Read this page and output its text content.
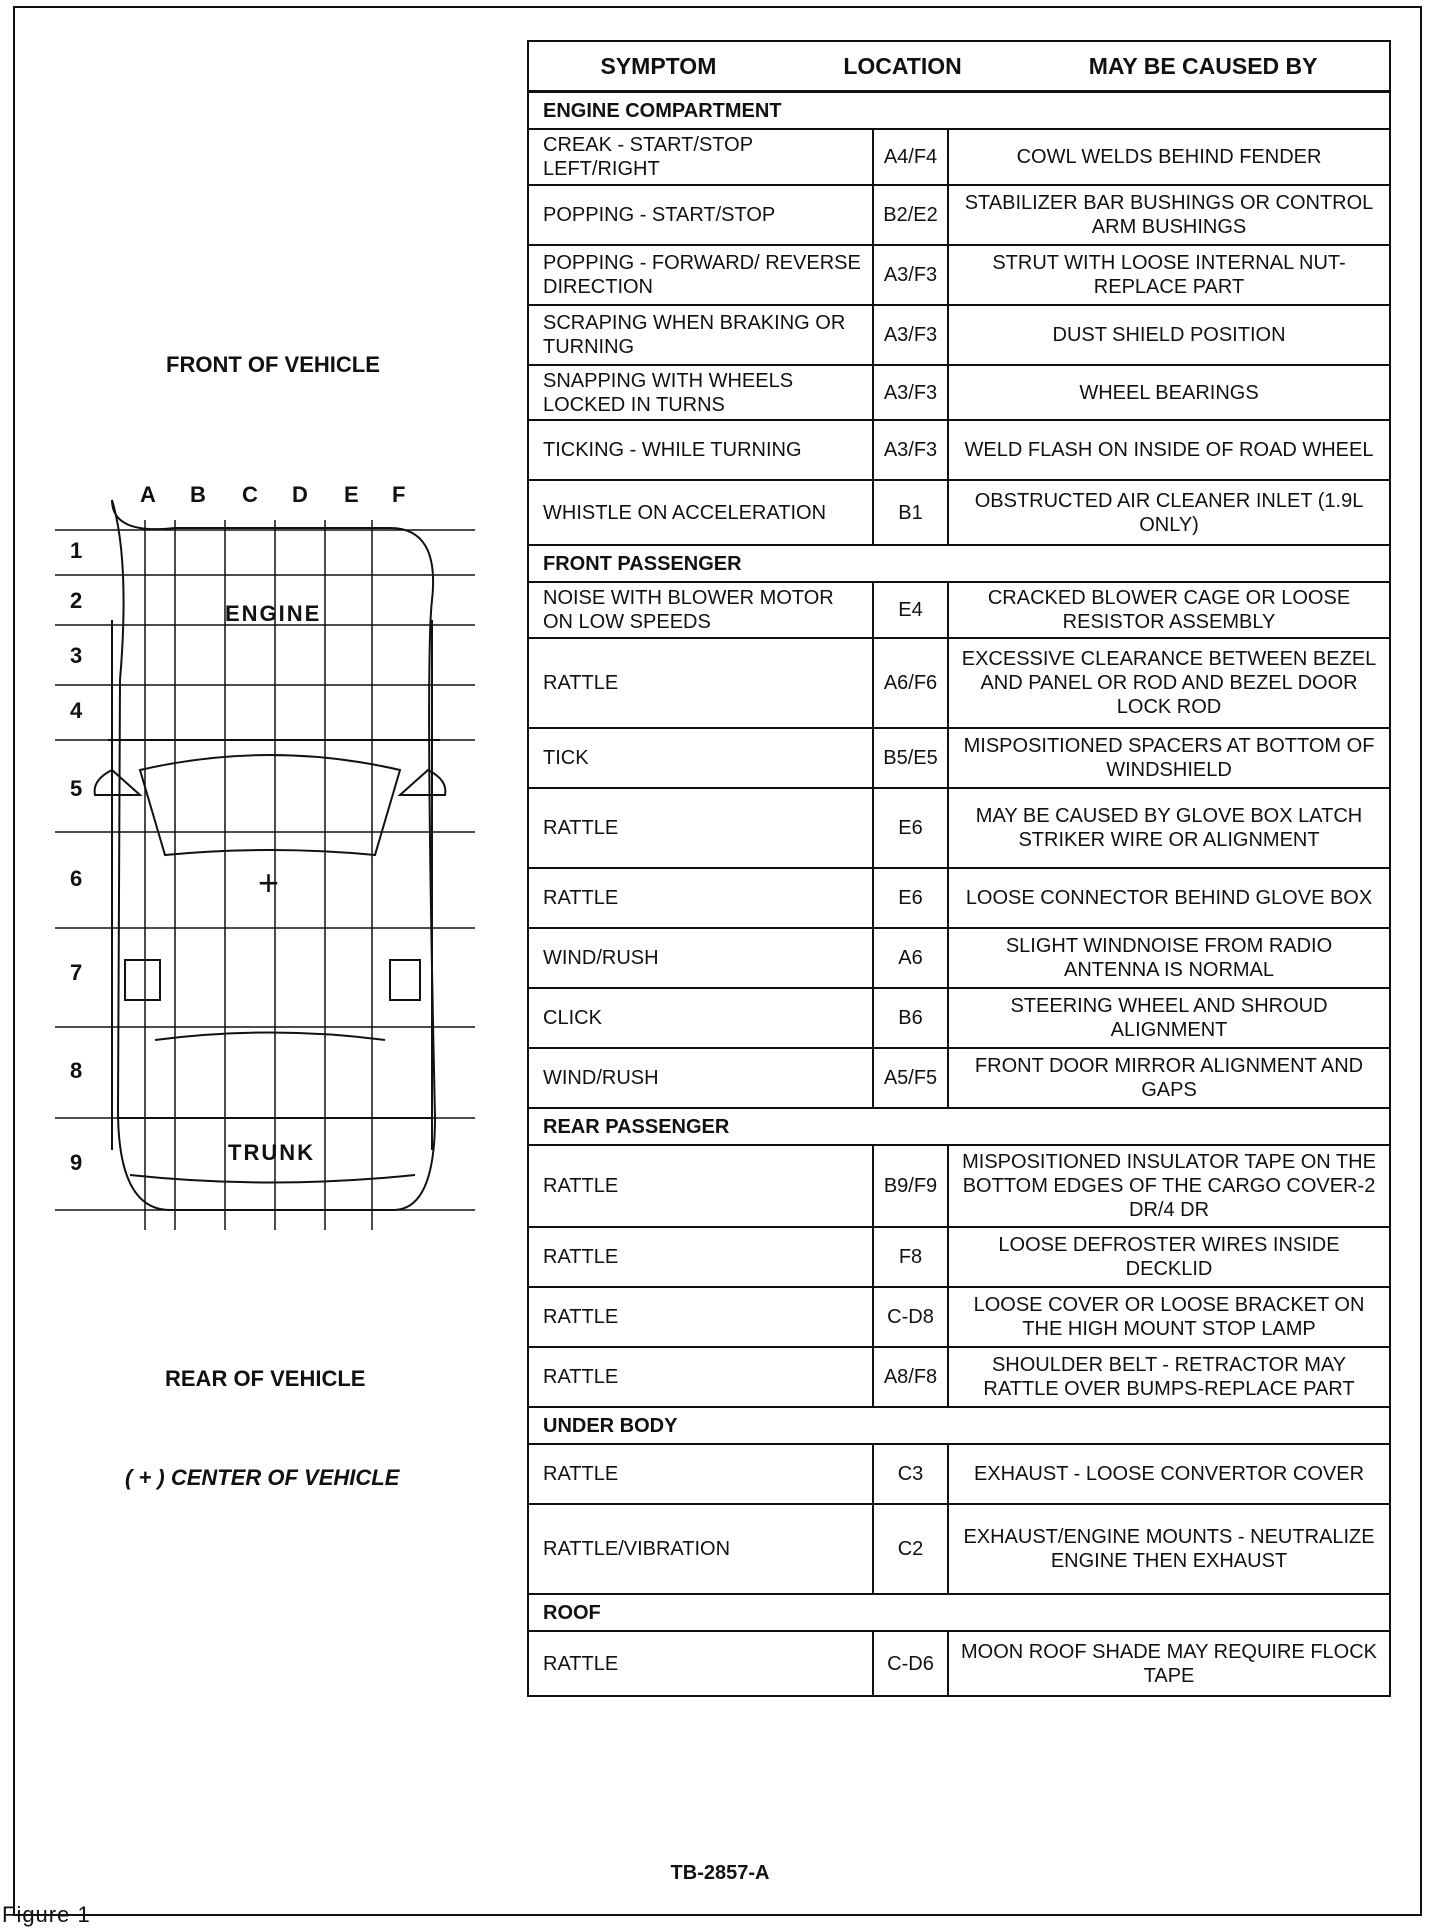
FRONT OF VEHICLE
A B C D E F
1
2
3
4
5
6
7
8
9
ENGINE
+
TRUNK
REAR OF VEHICLE
( + ) CENTER OF VEHICLE
SYMPTOM LOCATION MAY BE CAUSED BY		

ENGINE COMPARTMENT		
CREAK - START/STOP LEFT/RIGHT	A4/F4	COWL WELDS BEHIND FENDER
POPPING - START/STOP	B2/E2	STABILIZER BAR BUSHINGS OR CONTROL ARM BUSHINGS
POPPING - FORWARD/ REVERSE DIRECTION	A3/F3	STRUT WITH LOOSE INTERNAL NUT-REPLACE PART
SCRAPING WHEN BRAKING OR TURNING	A3/F3	DUST SHIELD POSITION
SNAPPING WITH WHEELS LOCKED IN TURNS	A3/F3	WHEEL BEARINGS
TICKING - WHILE TURNING	A3/F3	WELD FLASH ON INSIDE OF ROAD WHEEL
WHISTLE ON ACCELERATION	B1	OBSTRUCTED AIR CLEANER INLET (1.9L ONLY)
FRONT PASSENGER		
NOISE WITH BLOWER MOTOR ON LOW SPEEDS	E4	CRACKED BLOWER CAGE OR LOOSE RESISTOR ASSEMBLY
RATTLE	A6/F6	EXCESSIVE CLEARANCE BETWEEN BEZEL AND PANEL OR ROD AND BEZEL DOOR LOCK ROD
TICK	B5/E5	MISPOSITIONED SPACERS AT BOTTOM OF WINDSHIELD
RATTLE	E6	MAY BE CAUSED BY GLOVE BOX LATCH STRIKER WIRE OR ALIGNMENT
RATTLE	E6	LOOSE CONNECTOR BEHIND GLOVE BOX
WIND/RUSH	A6	SLIGHT WINDNOISE FROM RADIO ANTENNA IS NORMAL
CLICK	B6	STEERING WHEEL AND SHROUD ALIGNMENT
WIND/RUSH	A5/F5	FRONT DOOR MIRROR ALIGNMENT AND GAPS
REAR PASSENGER		
RATTLE	B9/F9	MISPOSITIONED INSULATOR TAPE ON THE BOTTOM EDGES OF THE CARGO COVER-2 DR/4 DR
RATTLE	F8	LOOSE DEFROSTER WIRES INSIDE DECKLID
RATTLE	C-D8	LOOSE COVER OR LOOSE BRACKET ON THE HIGH MOUNT STOP LAMP
RATTLE	A8/F8	SHOULDER BELT - RETRACTOR MAY RATTLE OVER BUMPS-REPLACE PART
UNDER BODY		
RATTLE	C3	EXHAUST - LOOSE CONVERTOR COVER
RATTLE/VIBRATION	C2	EXHAUST/ENGINE MOUNTS - NEUTRALIZE ENGINE THEN EXHAUST
ROOF		
RATTLE	C-D6	MOON ROOF SHADE MAY REQUIRE FLOCK TAPE
TB-2857-A
Figure 1
